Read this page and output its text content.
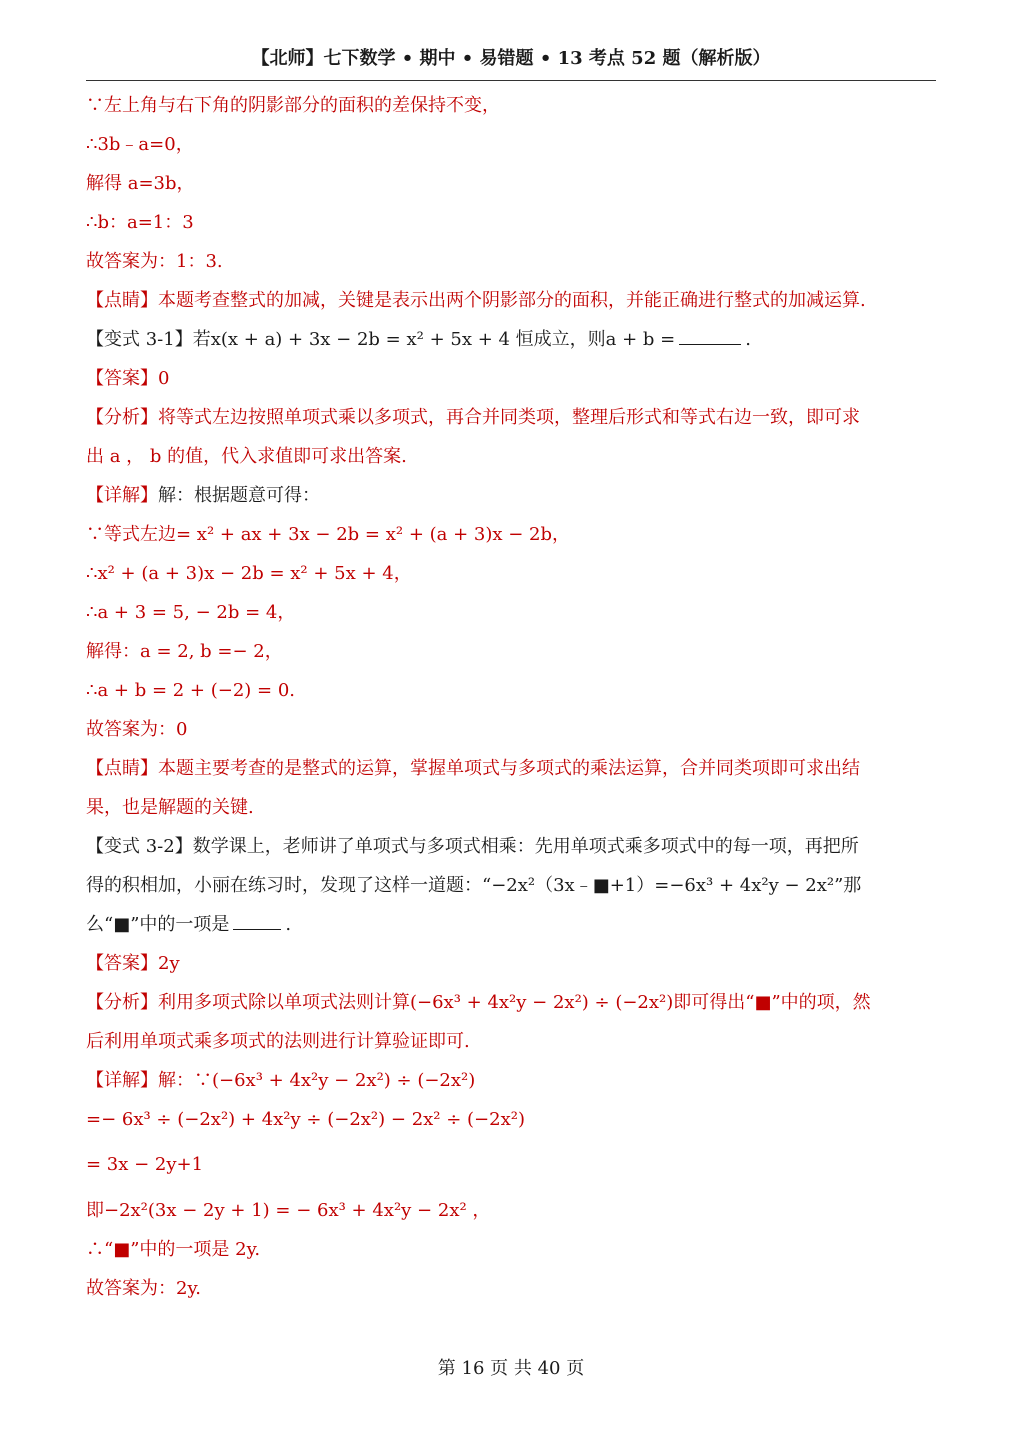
【北师】七下数学 • 期中 • 易错题 • 13 考点 52 题（解析版）
∵左上角与右下角的阴影部分的面积的差保持不变，
∴3b﹣a=0，
解得 a=3b，
∴b：a=1：3
故答案为：1：3.
【点睛】本题考查整式的加减，关键是表示出两个阴影部分的面积，并能正确进行整式的加减运算.
【变式 3-1】若x(x + a) + 3x − 2b = x² + 5x + 4 恒成立，则a + b =	.
【答案】0
【分析】将等式左边按照单项式乘以多项式，再合并同类项，整理后形式和等式右边一致，即可求
出 a ， b 的值，代入求值即可求出答案.
【详解】解：根据题意可得：
∵等式左边= x² + ax + 3x − 2b = x² + (a + 3)x − 2b，
∴x² + (a + 3)x − 2b = x² + 5x + 4，
∴a + 3 = 5, − 2b = 4，
解得：a = 2, b =− 2，
∴a + b = 2 + (−2) = 0.
故答案为：0
【点睛】本题主要考查的是整式的运算，掌握单项式与多项式的乘法运算，合并同类项即可求出结
果，也是解题的关键.
【变式 3-2】数学课上，老师讲了单项式与多项式相乘：先用单项式乘多项式中的每一项，再把所
得的积相加，小丽在练习时，发现了这样一道题：“−2x²（3x﹣■+1）=−6x³ + 4x²y − 2x²”那
么“■”中的一项是	.
【答案】2y
【分析】利用多项式除以单项式法则计算(−6x³ + 4x²y − 2x²) ÷ (−2x²)即可得出“■”中的项，然
后利用单项式乘多项式的法则进行计算验证即可.
【详解】解：∵(−6x³ + 4x²y − 2x²) ÷ (−2x²)
=− 6x³ ÷ (−2x²) + 4x²y ÷ (−2x²) − 2x² ÷ (−2x²)
= 3x − 2y+1
即−2x²(3x − 2y + 1) = − 6x³ + 4x²y − 2x² ，
∴“■”中的一项是 2y.
故答案为：2y.
第 16 页 共 40 页
